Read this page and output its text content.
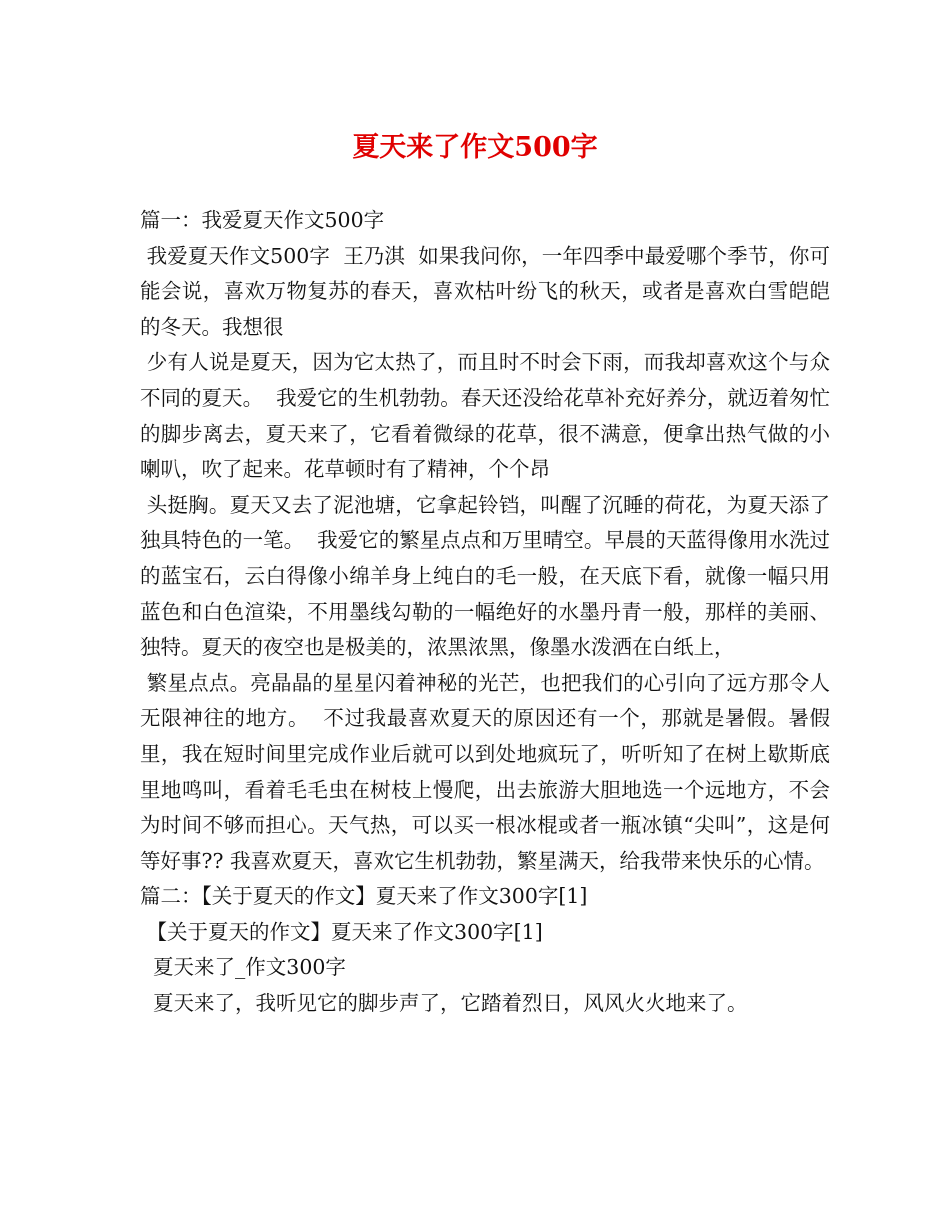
夏天来了作文500字

篇一：我爱夏天作文500字

我爱夏天作文500字  王乃淇  如果我问你，一年四季中最爱哪个季节，你可能会说，喜欢万物复苏的春天，喜欢枯叶纷飞的秋天，或者是喜欢白雪皑皑的冬天。我想很

少有人说是夏天，因为它太热了，而且时不时会下雨，而我却喜欢这个与众不同的夏天。  我爱它的生机勃勃。春天还没给花草补充好养分，就迈着匆忙的脚步离去，夏天来了，它看着微绿的花草，很不满意，便拿出热气做的小喇叭，吹了起来。花草顿时有了精神，个个昂

头挺胸。夏天又去了泥池塘，它拿起铃铛，叫醒了沉睡的荷花，为夏天添了独具特色的一笔。  我爱它的繁星点点和万里晴空。早晨的天蓝得像用水洗过的蓝宝石，云白得像小绵羊身上纯白的毛一般，在天底下看，就像一幅只用蓝色和白色渲染，不用墨线勾勒的一幅绝好的水墨丹青一般，那样的美丽、独特。夏天的夜空也是极美的，浓黑浓黑，像墨水泼洒在白纸上，

繁星点点。亮晶晶的星星闪着神秘的光芒，也把我们的心引向了远方那令人无限神往的地方。  不过我最喜欢夏天的原因还有一个，那就是暑假。暑假里，我在短时间里完成作业后就可以到处地疯玩了，听听知了在树上歇斯底里地鸣叫，看着毛毛虫在树枝上慢爬，出去旅游大胆地选一个远地方，不会为时间不够而担心。天气热，可以买一根冰棍或者一瓶冰镇“尖叫”，这是何等好事?? 我喜欢夏天，喜欢它生机勃勃，繁星满天，给我带来快乐的心情。

篇二：【关于夏天的作文】夏天来了作文300字[1]

【关于夏天的作文】夏天来了作文300字[1]

夏天来了_作文300字

夏天来了，我听见它的脚步声了，它踏着烈日，风风火火地来了。
